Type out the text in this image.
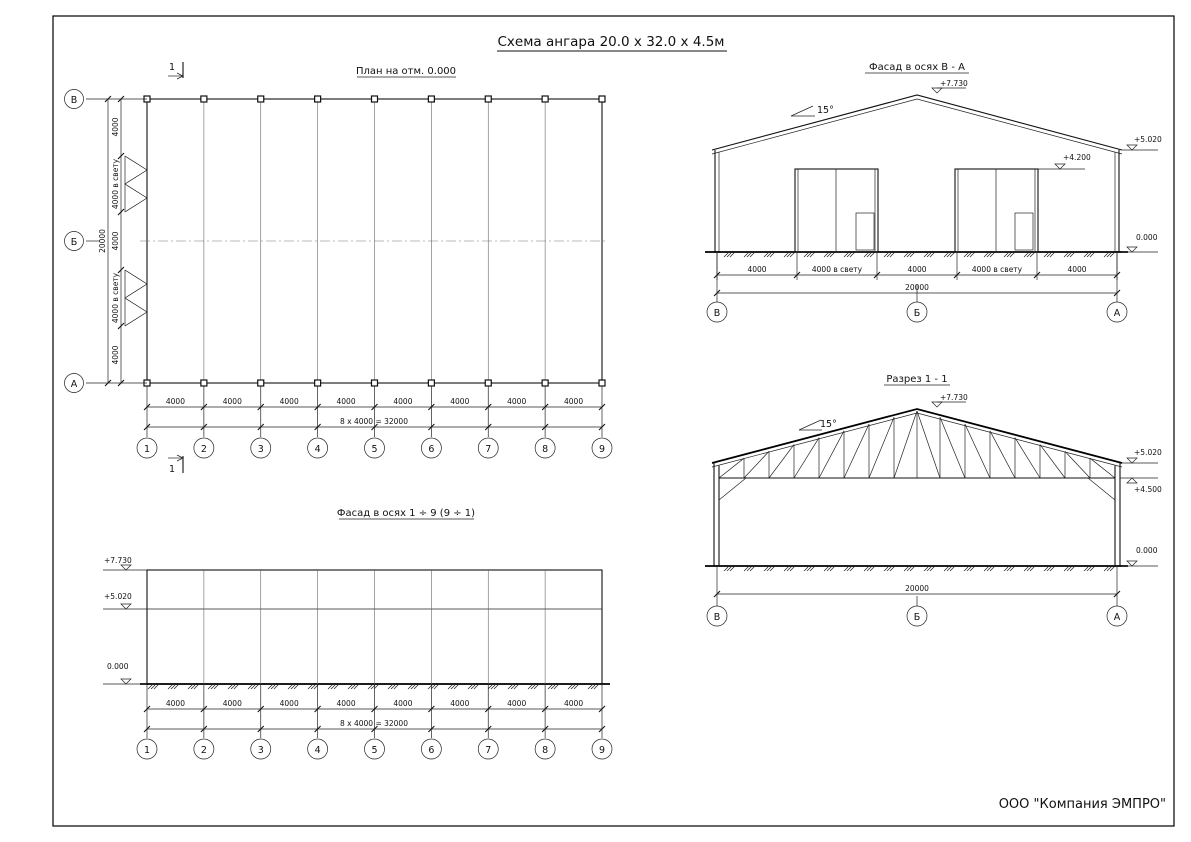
Схема ангара 20.0 х 32.0 х 4.5м
План на отм. 0.000
1
1
4000
4000 в свету
4000
4000 в свету
4000
20000
В
Б
А
4000	4000	4000	4000	4000	4000	4000	4000
8 х 4000 = 32000
1	2	3	4	5	6	7	8	9
Фасад в осях 1 ÷ 9 (9 ÷ 1)
+7.730
+5.020
0.000
4000	4000	4000	4000	4000	4000	4000	4000
8 х 4000 = 32000
1	2	3	4	5	6	7	8	9
Фасад в осях В - А
15°
+7.730
+5.020
+4.200
0.000
4000	4000 в свету	4000	4000 в свету	4000
20000
В	Б	А
Разрез 1 - 1
15°
+7.730
+5.020
+4.500
0.000
20000
В	Б	А
ООО "Компания ЭМПРО"
